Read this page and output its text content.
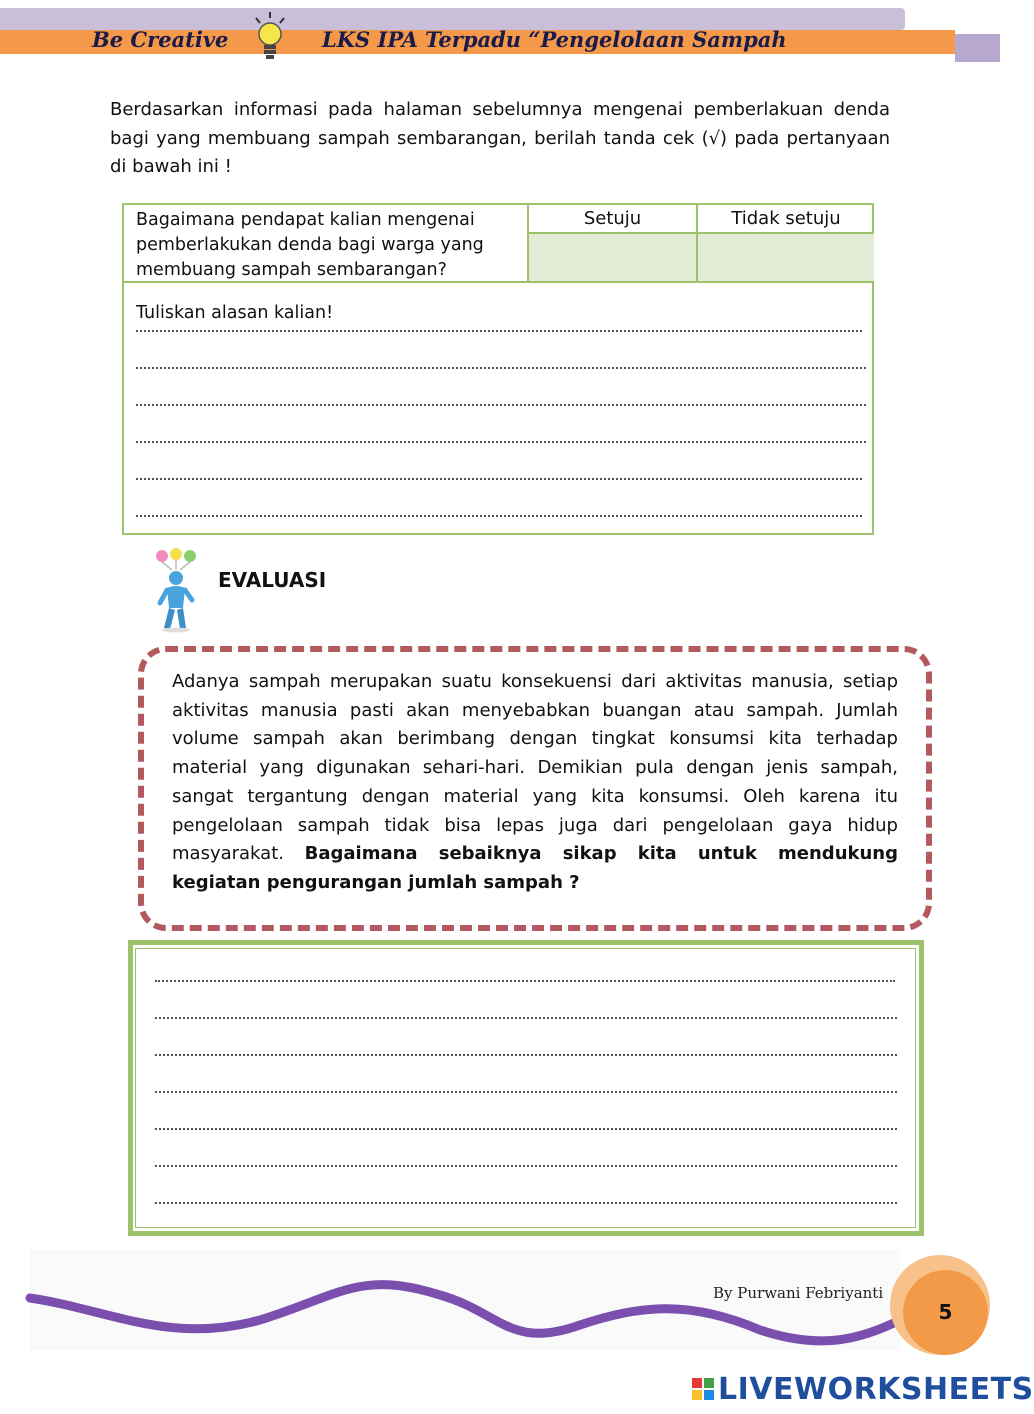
Be Creative	LKS IPA Terpadu “Pengelolaan Sampah
Berdasarkan informasi pada halaman sebelumnya mengenai pemberlakuan denda bagi yang membuang sampah sembarangan, berilah tanda cek (√) pada pertanyaan di bawah ini !
Bagaimana pendapat kalian mengenai pemberlakukan denda bagi warga yang membuang sampah sembarangan?
Setuju	Tidak setuju
Tuliskan alasan kalian!
EVALUASI
Adanya sampah merupakan suatu konsekuensi dari aktivitas manusia, setiap aktivitas manusia pasti akan menyebabkan buangan atau sampah. Jumlah volume sampah akan berimbang dengan tingkat konsumsi kita terhadap material yang digunakan sehari-hari. Demikian pula dengan jenis sampah, sangat tergantung dengan material yang kita konsumsi. Oleh karena itu pengelolaan sampah tidak bisa lepas juga dari pengelolaan gaya hidup masyarakat. Bagaimana sebaiknya sikap kita untuk mendukung kegiatan pengurangan jumlah sampah ?
By Purwani Febriyanti
5
LIVEWORKSHEETS
